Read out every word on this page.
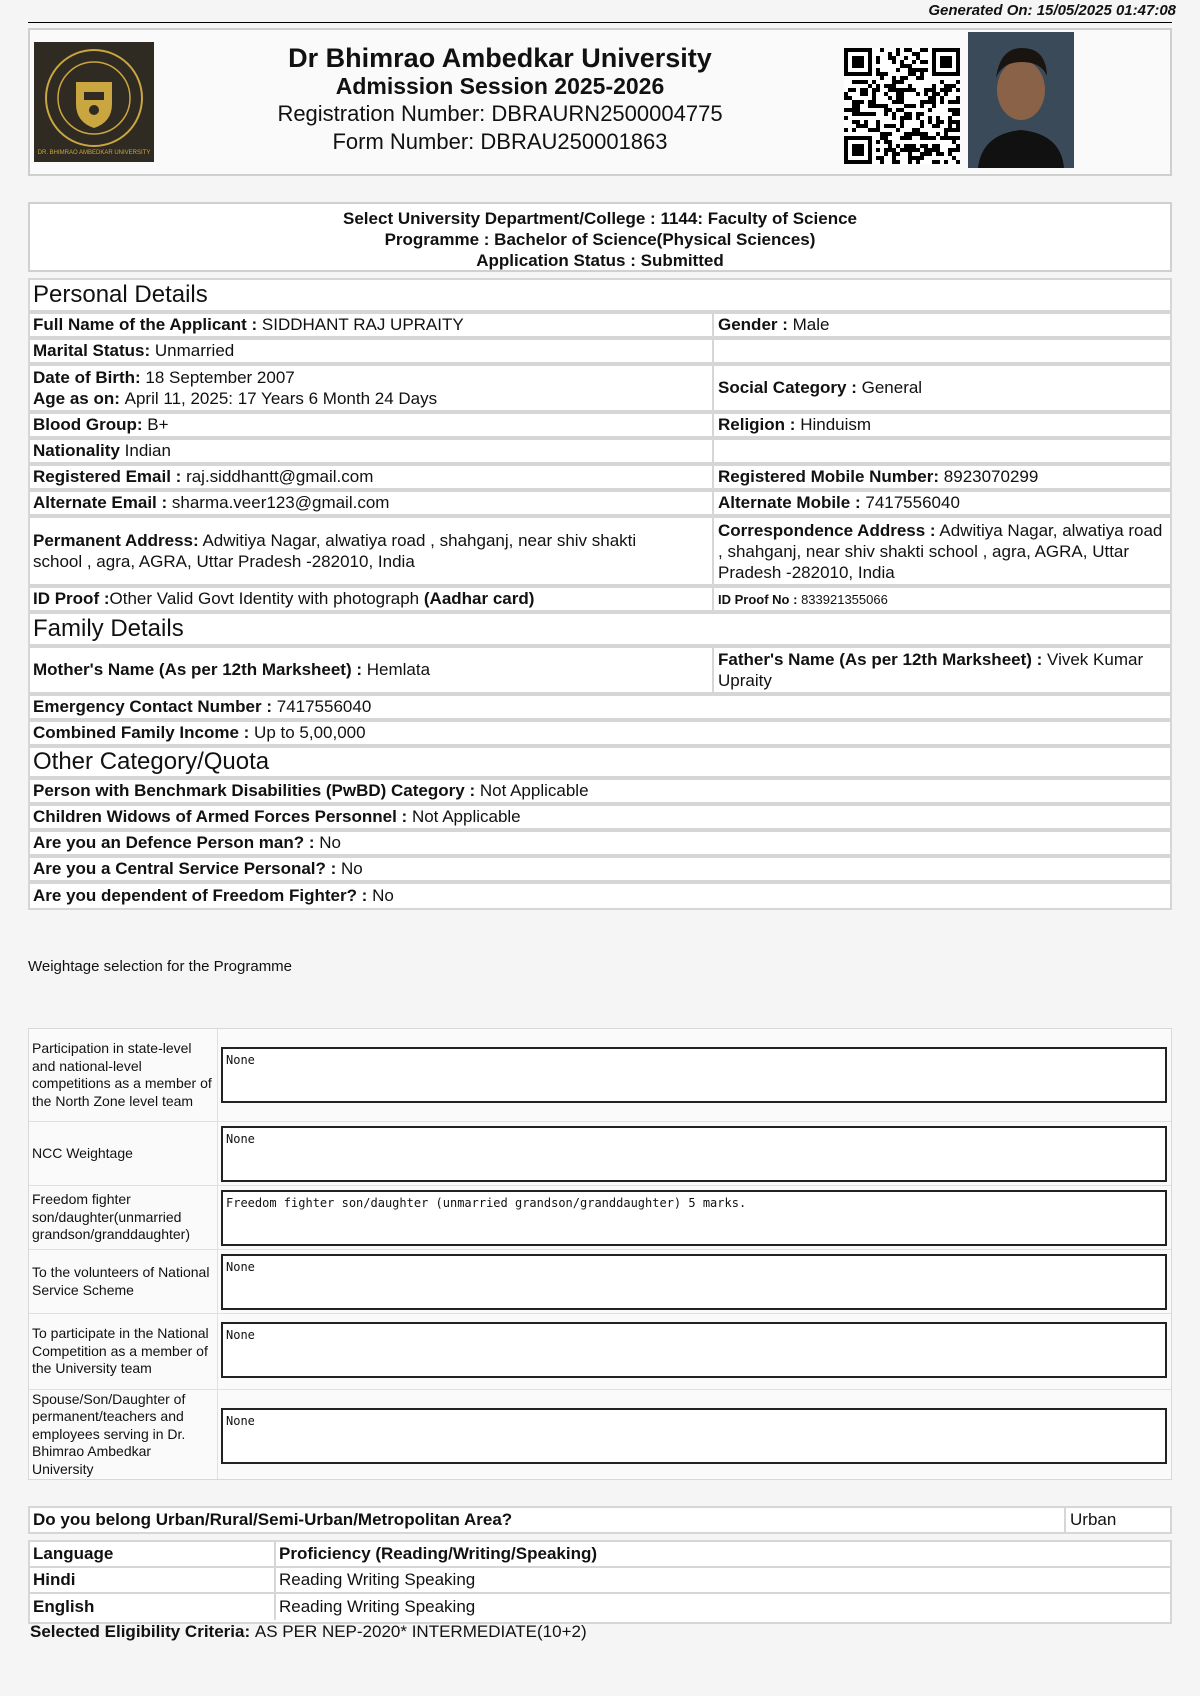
Generated On: 15/05/2025 01:47:08
DR. BHIMRAO AMBEDKAR UNIVERSITY
Dr Bhimrao Ambedkar University
Admission Session 2025-2026
Registration Number: DBRAURN2500004775
Form Number: DBRAU250001863
Select University Department/College : 1144: Faculty of Science
Programme : Bachelor of Science(Physical Sciences)
Application Status : Submitted
Personal Details
Full Name of the Applicant :
SIDDHANT RAJ UPRAITY	Gender :
Male
Marital Status:
Unmarried
Date of Birth: 18 September 2007
Age as on: April 11, 2025: 17 Years 6 Month 24 Days
Social Category :
General
Blood Group:
B+	Religion :
Hinduism
Nationality
Indian
Registered Email :
raj.siddhantt@gmail.com	Registered Mobile Number:
8923070299
Alternate Email :
sharma.veer123@gmail.com	Alternate Mobile :
7417556040
Permanent Address: Adwitiya Nagar, alwatiya road , shahganj, near shiv shakti school , agra, AGRA, Uttar Pradesh -282010, India
Correspondence Address : Adwitiya Nagar, alwatiya road , shahganj, near shiv shakti school , agra, AGRA, Uttar Pradesh -282010, India
ID Proof : Other Valid Govt Identity with photograph
(Aadhar card)	ID Proof No :
833921355066
Family Details
Mother's Name (As per 12th Marksheet) :
Hemlata
Father's Name (As per 12th Marksheet) : Vivek Kumar Upraity
Emergency Contact Number :
7417556040
Combined Family Income :
Up to 5,00,000
Other Category/Quota
Person with Benchmark Disabilities (PwBD) Category :
Not Applicable
Children Widows of Armed Forces Personnel :
Not Applicable
Are you an Defence Person man? :
No
Are you a Central Service Personal? :
No
Are you dependent of Freedom Fighter? :
No
Weightage selection for the Programme
Participation in state-level and national-level competitions as a member of the North Zone level team
None
NCC Weightage
None
Freedom fighter son/daughter(unmarried grandson/granddaughter)
Freedom fighter son/daughter (unmarried grandson/granddaughter) 5 marks.
To the volunteers of National Service Scheme
None
To participate in the National Competition as a member of the University team
None
Spouse/Son/Daughter of permanent/teachers and employees serving in Dr. Bhimrao Ambedkar University
None
Do you belong Urban/Rural/Semi-Urban/Metropolitan Area?	Urban
Language	Proficiency (Reading/Writing/Speaking)
Hindi	Reading Writing Speaking
English	Reading Writing Speaking
Selected Eligibility Criteria: AS PER NEP-2020* INTERMEDIATE(10+2)
